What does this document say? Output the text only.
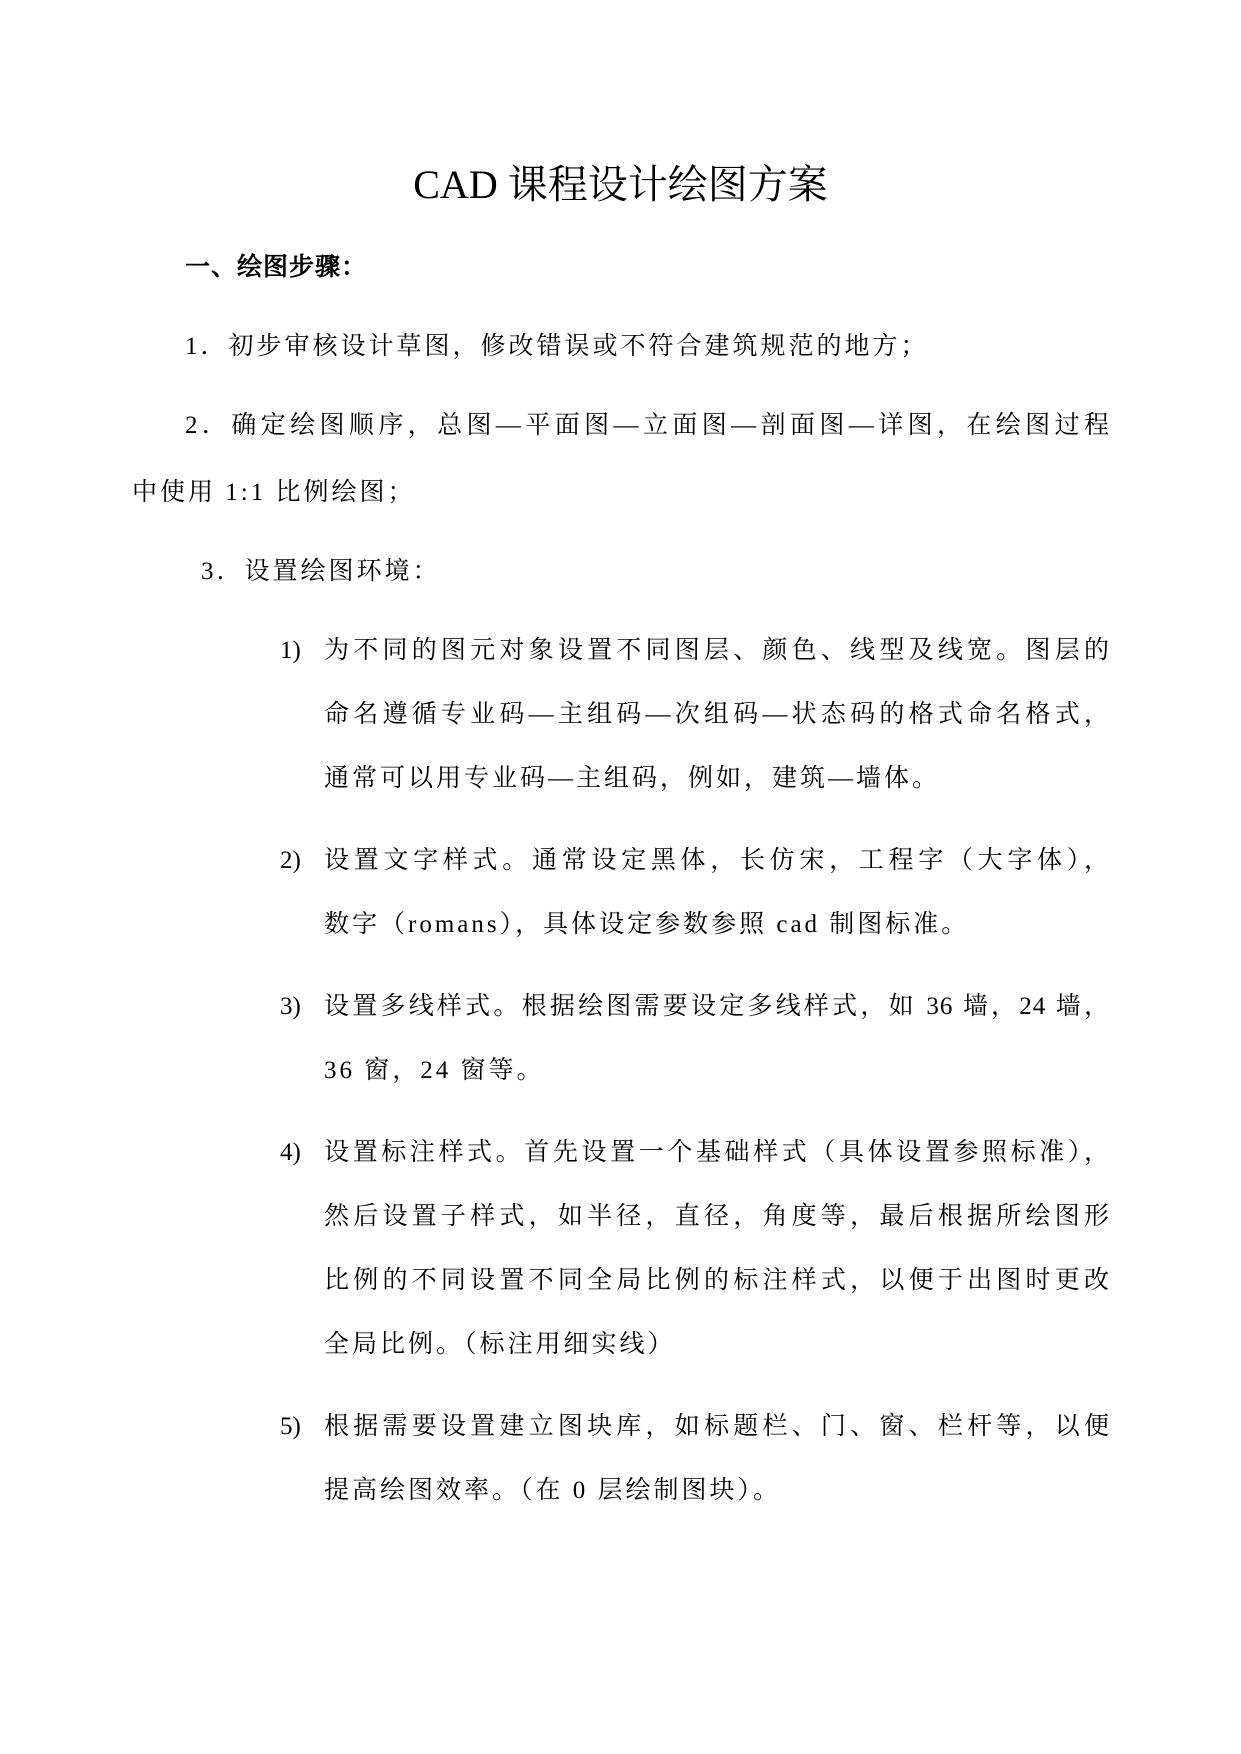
CAD 课程设计绘图方案
一、绘图步骤：
1．初步审核设计草图，修改错误或不符合建筑规范的地方；
2．确定绘图顺序，总图—平面图—立面图—剖面图—详图，在绘图过程
中使用 1:1 比例绘图；
3．设置绘图环境：
1) 为不同的图元对象设置不同图层、颜色、线型及线宽。图层的
命名遵循专业码—主组码—次组码—状态码的格式命名格式，
通常可以用专业码—主组码，例如，建筑—墙体。
2) 设置文字样式。通常设定黑体，长仿宋，工程字（大字体），
数字（romans），具体设定参数参照 cad 制图标准。
3) 设置多线样式。根据绘图需要设定多线样式，如 36 墙，24 墙，
36 窗，24 窗等。
4) 设置标注样式。首先设置一个基础样式（具体设置参照标准），
然后设置子样式，如半径，直径，角度等，最后根据所绘图形
比例的不同设置不同全局比例的标注样式，以便于出图时更改
全局比例。（标注用细实线）
5) 根据需要设置建立图块库，如标题栏、门、窗、栏杆等，以便
提高绘图效率。（在 0 层绘制图块）。
